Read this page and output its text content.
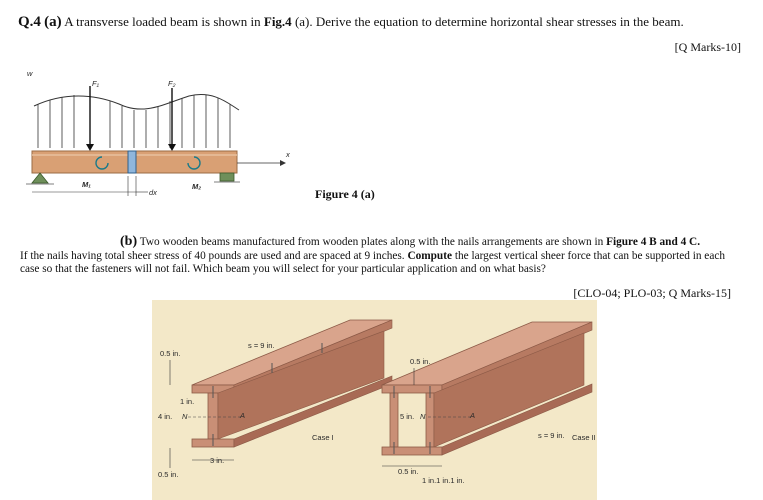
Q.4 (a) A transverse loaded beam is shown in Fig.4 (a). Derive the equation to determine horizontal shear stresses in the beam.
[Q Marks-10]
w
F₁	F₂
x
M₁
dx
M₂
Figure 4 (a)
(b) Two wooden beams manufactured from wooden plates along with the nails arrangements are shown in Figure 4 B and 4 C.
If the nails having total sheer stress of 40 pounds are used and are spaced at 9 inches. Compute the largest vertical sheer force that can be supported in each case so that the fasteners will not fail. Which beam you will select for your particular application and on what basis?
[CLO-04; PLO-03; Q Marks-15]
s = 9 in.
0.5 in.
1 in.
4 in. N	A
3 in.
0.5 in.
Case I
0.5 in.
5 in. N	A
s = 9 in. Case II
0.5 in.
1 in.1 in.1 in.
